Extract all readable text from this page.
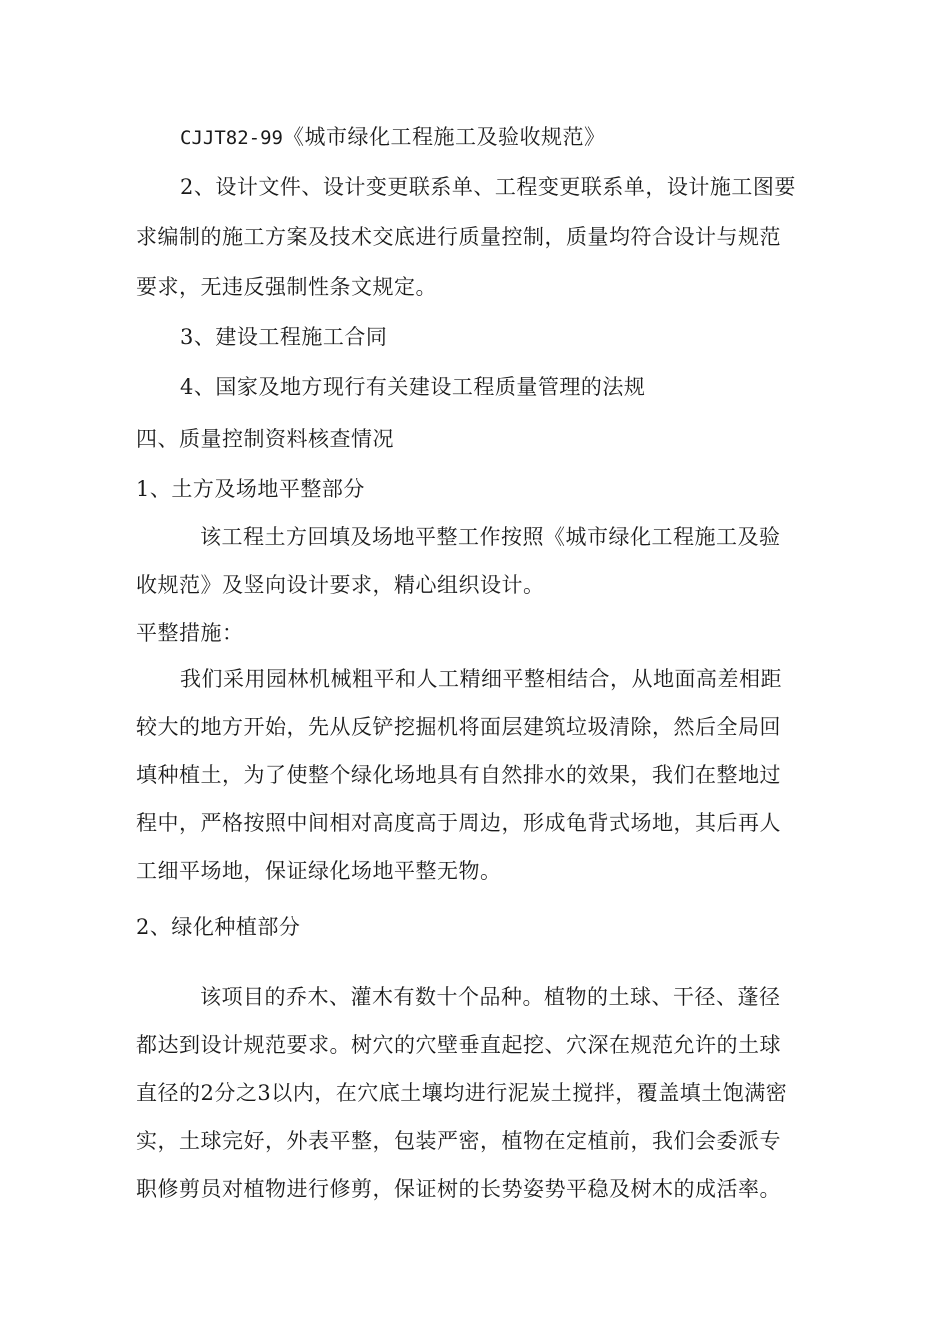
CJJT82-99《城市绿化工程施工及验收规范》
2、设计文件、设计变更联系单、工程变更联系单，设计施工图要
求编制的施工方案及技术交底进行质量控制，质量均符合设计与规范
要求，无违反强制性条文规定。
3、建设工程施工合同
4、国家及地方现行有关建设工程质量管理的法规
四、质量控制资料核查情况
1、土方及场地平整部分
该工程土方回填及场地平整工作按照《城市绿化工程施工及验
收规范》及竖向设计要求，精心组织设计。
平整措施：
我们采用园林机械粗平和人工精细平整相结合，从地面高差相距
较大的地方开始，先从反铲挖掘机将面层建筑垃圾清除，然后全局回
填种植土，为了使整个绿化场地具有自然排水的效果，我们在整地过
程中，严格按照中间相对高度高于周边，形成龟背式场地，其后再人
工细平场地，保证绿化场地平整无物。
2、绿化种植部分
该项目的乔木、灌木有数十个品种。植物的土球、干径、蓬径
都达到设计规范要求。树穴的穴壁垂直起挖、穴深在规范允许的土球
直径的2分之3以内，在穴底土壤均进行泥炭土搅拌，覆盖填土饱满密
实，土球完好，外表平整，包装严密，植物在定植前，我们会委派专
职修剪员对植物进行修剪，保证树的长势姿势平稳及树木的成活率。
